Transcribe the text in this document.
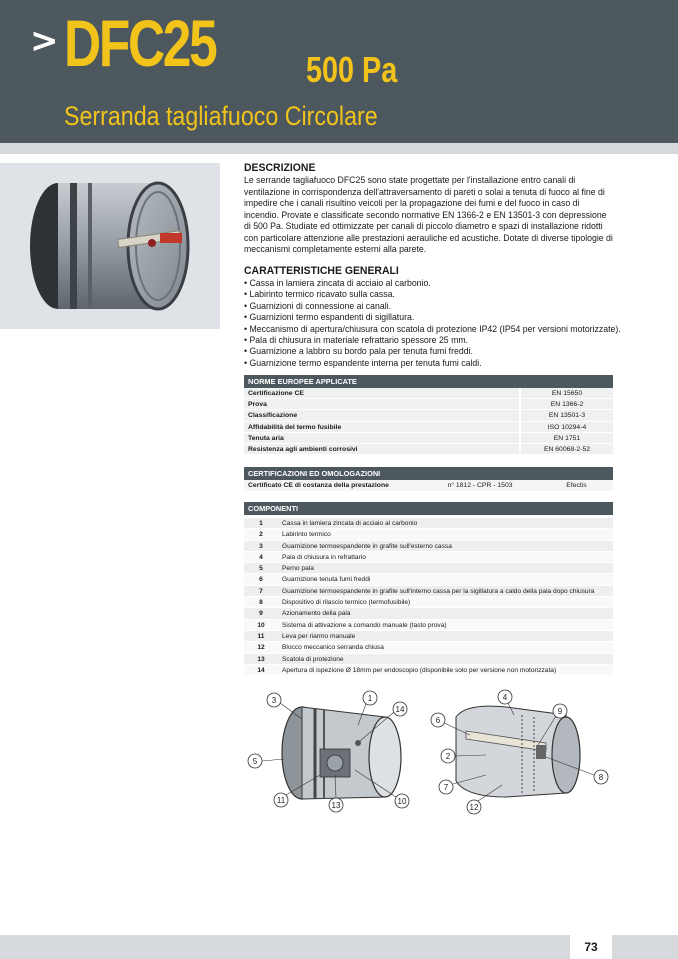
> DFC25	500 Pa
Serranda tagliafuoco Circolare
DESCRIZIONE
Le serrande tagliafuoco DFC25 sono state progettate per l'installazione entro canali di ventilazione in corrispondenza dell'attraversamento di pareti o solai a tenuta di fuoco al fine di impedire che i canali risultino veicoli per la propagazione dei fumi e del fuoco in caso di incendio. Provate e classificate secondo normative EN 1366-2 e EN 13501-3 con depressione di 500 Pa. Studiate ed ottimizzate per canali di piccolo diametro e spazi di installazione ridotti con particolare attenzione alle prestazioni aerauliche ed acustiche. Dotate di diverse tipologie di meccanismi completamente esterni alla parete.
CARATTERISTICHE GENERALI
• Cassa in lamiera zincata di acciaio al carbonio.
• Labirinto termico ricavato sulla cassa.
• Guarnizioni di connessione ai canali.
• Guarnizioni termo espandenti di sigillatura.
• Meccanismo di apertura/chiusura con scatola di protezione IP42 (IP54 per versioni motorizzate).
• Pala di chiusura in materiale refrattario spessore 25 mm.
• Guarnizione a labbro su bordo pala per tenuta fumi freddi.
• Guarnizione termo espandente interna per tenuta fumi caldi.
NORME EUROPEE APPLICATE
Certificazione CE	EN 15650
Prova	EN 1366-2
Classificazione	EN 13501-3
Affidabilità del termo fusibile	ISO 10294-4
Tenuta aria	EN 1751
Resistenza agli ambienti corrosivi	EN 60068-2-52
CERTIFICAZIONI ED OMOLOGAZIONI
Certificato CE di costanza della prestazione	n° 1812 - CPR - 1503	Efectis
COMPONENTI
1	Cassa in lamiera zincata di acciaio al carbonio
2	Labirinto termico
3	Guarnizione termoespandente in grafite sull'esterno cassa
4	Pala di chiusura in refrattario
5	Perno pala
6	Guarnizione tenuta fumi freddi
7	Guarnizione termoespandente in grafite sull'interno cassa per la sigillatura a caldo della pala dopo chiusura
8	Dispositivo di rilascio termico (termofusibile)
9	Azionamento della pala
10	Sistema di attivazione a comando manuale (tasto prova)
11	Leva per riarmo manuale
12	Blocco meccanico serranda chiusa
13	Scatola di protezione
14	Apertura di ispezione Ø 18mm per endoscopio (disponibile solo per versione non motorizzata)
3	1
14
5
11
13	10
4
9
6
2
7
12
8
73
